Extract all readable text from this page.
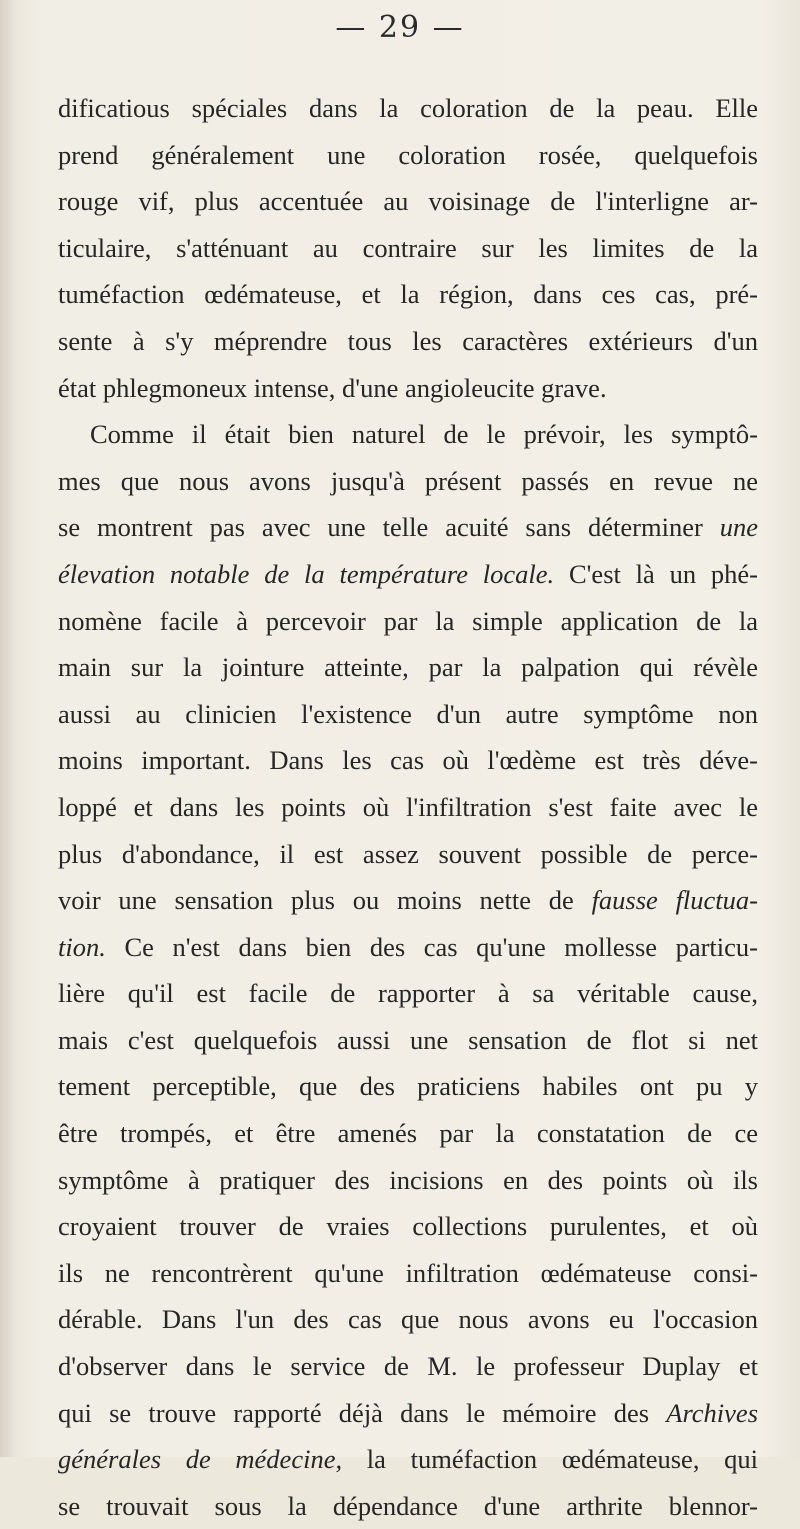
— 29 —
dificatious spéciales dans la coloration de la peau. Elle
prend généralement une coloration rosée, quelquefois
rouge vif, plus accentuée au voisinage de l'interligne ar-
ticulaire, s'atténuant au contraire sur les limites de la
tuméfaction œdémateuse, et la région, dans ces cas, pré-
sente à s'y méprendre tous les caractères extérieurs d'un
état phlegmoneux intense, d'une angioleucite grave.
Comme il était bien naturel de le prévoir, les symptô-
mes que nous avons jusqu'à présent passés en revue ne
se montrent pas avec une telle acuité sans déterminer une
élevation notable de la température locale. C'est là un phé-
nomène facile à percevoir par la simple application de la
main sur la jointure atteinte, par la palpation qui révèle
aussi au clinicien l'existence d'un autre symptôme non
moins important. Dans les cas où l'œdème est très déve-
loppé et dans les points où l'infiltration s'est faite avec le
plus d'abondance, il est assez souvent possible de perce-
voir une sensation plus ou moins nette de fausse fluctua-
tion. Ce n'est dans bien des cas qu'une mollesse particu-
lière qu'il est facile de rapporter à sa véritable cause,
mais c'est quelquefois aussi une sensation de flot si net
tement perceptible, que des praticiens habiles ont pu y
être trompés, et être amenés par la constatation de ce
symptôme à pratiquer des incisions en des points où ils
croyaient trouver de vraies collections purulentes, et où
ils ne rencontrèrent qu'une infiltration œdémateuse consi-
dérable. Dans l'un des cas que nous avons eu l'occasion
d'observer dans le service de M. le professeur Duplay et
qui se trouve rapporté déjà dans le mémoire des Archives
générales de médecine, la tuméfaction œdémateuse, qui
se trouvait sous la dépendance d'une arthrite blennor-
